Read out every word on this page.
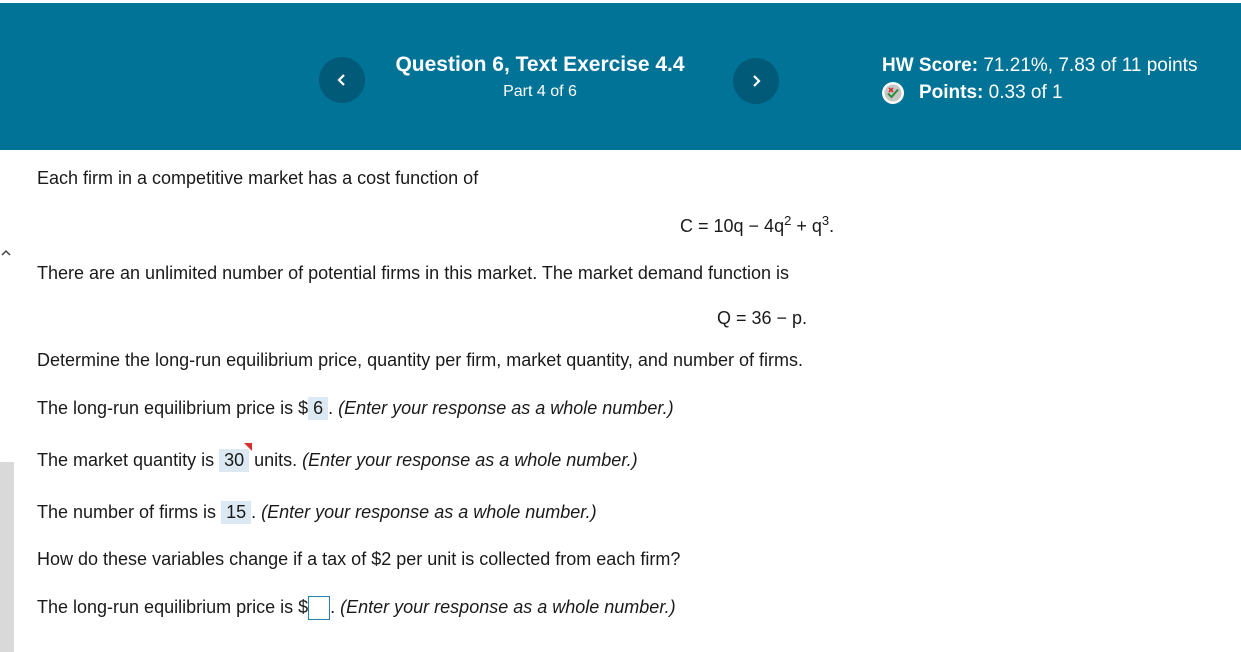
Question 6, Text Exercise 4.4
Part 4 of 6
HW Score: 71.21%, 7.83 of 11 points
Points:
0.33 of 1
Each firm in a competitive market has a cost function of
$C = 10q - 4q^2 + q^3$.
There are an unlimited number of potential firms in this market. The market demand function is
Q = 36 − p.
Determine the long-run equilibrium price, quantity per firm, market quantity, and number of firms.
The long-run equilibrium price is $ 6 . (Enter your response as a whole number.)
The market quantity is 30 units. (Enter your response as a whole number.)
The number of firms is 15 . (Enter your response as a whole number.)
How do these variables change if a tax of $2 per unit is collected from each firm?
The long-run equilibrium price is $ . (Enter your response as a whole number.)
